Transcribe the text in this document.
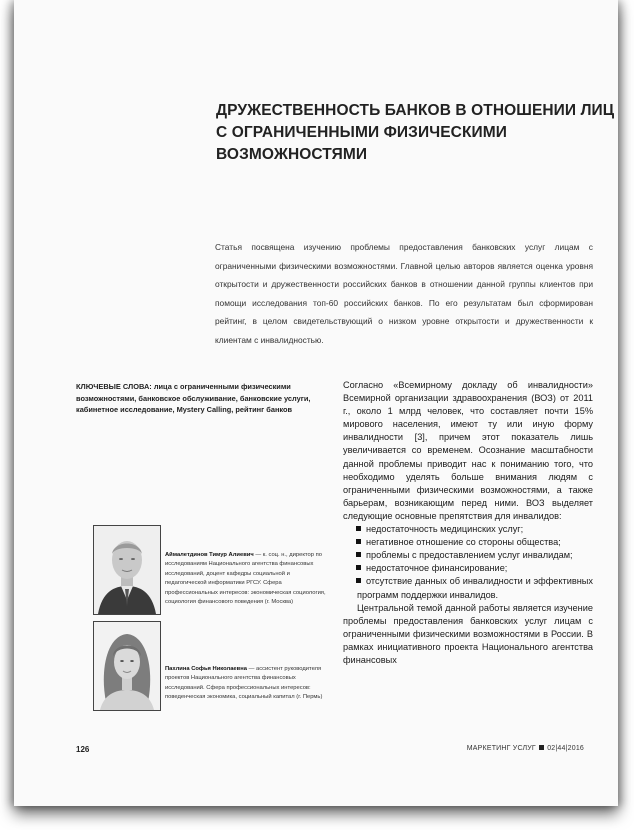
ДРУЖЕСТВЕННОСТЬ БАНКОВ В ОТНОШЕНИИ ЛИЦ С ОГРАНИЧЕННЫМИ ФИЗИЧЕСКИМИ ВОЗМОЖНОСТЯМИ

Статья посвящена изучению проблемы предоставления банковских услуг лицам с ограниченными физическими возможностями. Главной целью авторов является оценка уровня открытости и дружественности российских банков в отношении данной группы клиентов при помощи исследования топ-60 российских банков. По его результатам был сформирован рейтинг, в целом свидетельствующий о низком уровне открытости и дружественности к клиентам с инвалидностью.

КЛЮЧЕВЫЕ СЛОВА: лица с ограниченными физическими возможностями, банковское обслуживание, банковские услуги, кабинетное исследование, Mystery Calling, рейтинг банков
Аймалетдинов Тимур Алиевич — к. соц. н., директор по исследованиям Национального агентства финансовых исследований, доцент кафедры социальной и педагогической информатики РГСУ. Сфера профессиональных интересов: экономическая социология, социология финансового поведения (г. Москва)
Пахлина Софья Николаевна — ассистент руководителя проектов Национального агентства финансовых исследований. Сфера профессиональных интересов: поведенческая экономика, социальный капитал (г. Пермь)

Согласно «Всемирному докладу об инвалидности» Всемирной организации здравоохранения (ВОЗ) от 2011 г., около 1 млрд человек, что составляет почти 15% мирового населения, имеют ту или иную форму инвалидности [3], причем этот показатель лишь увеличивается со временем. Осознание масштабности данной проблемы приводит нас к пониманию того, что необходимо уделять больше внимания людям с ограниченными физическими возможностями, а также барьерам, возникающим перед ними. ВОЗ выделяет следующие основные препятствия для инвалидов:

недостаточность медицинских услуг;

негативное отношение со стороны общества;

проблемы с предоставлением услуг инвалидам;

недостаточное финансирование;

отсутствие данных об инвалидности и эффективных программ поддержки инвалидов.

Центральной темой данной работы является изучение проблемы предоставления банковских услуг лицам с ограниченными физическими возможностями в России. В рамках инициативного проекта Национального агентства финансовых

126	МАРКЕТИНГ УСЛУГ 02|44|2016
